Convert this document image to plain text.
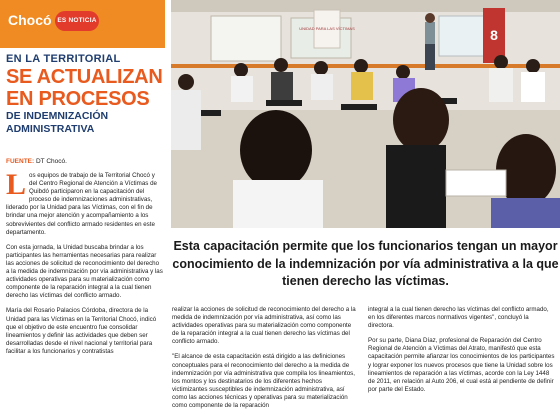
Chocó ES NOTICIA
EN LA TERRITORIAL
SE ACTUALIZAN
EN PROCESOS
DE INDEMNIZACIÓN
ADMINISTRATIVA
FUENTE: DT Chocó.
UNIDAD PARA LAS VÍCTIMAS	8

Los equipos de trabajo de la Territorial Chocó y del Centro Regional de Atención a Víctimas de Quibdó participaron en la capacitación del proceso de indemnizaciones administrativas, liderado por la Unidad para las Víctimas, con el fin de brindar una mejor atención y acompañamiento a los sobrevivientes del conflicto armado residentes en este departamento.

Con esta jornada, la Unidad buscaba brindar a los participantes las herramientas necesarias para realizar las acciones de solicitud de reconocimiento del derecho a la medida de indemnización por vía administrativa y las actividades operativas para su materialización como componente de la reparación integral a la cual tienen derecho las víctimas del conflicto armado.

María del Rosario Palacios Córdoba, directora de la Unidad para las Víctimas en la Territorial Chocó, indicó que el objetivo de este encuentro fue consolidar lineamientos y definir las actividades que deben ser desarrolladas desde el nivel nacional y territorial para facilitar a los funcionarios y contratistas

Esta capacitación permite que los funcionarios tengan un mayor conocimiento de la indemnización por vía administrativa a la que tienen derecho las víctimas.

realizar la acciones de solicitud de reconocimiento del derecho a la medida de indemnización por vía administrativa, así como las actividades operativas para su materialización como componente de la reparación integral a la cual tienen derecho las víctimas del conflicto armado.

"El alcance de esta capacitación está dirigido a las definiciones conceptuales para el reconocimiento del derecho a la medida de indemnización por vía administrativa que compila los lineamientos, los montos y los destinatarios de los diferentes hechos victimizantes susceptibles de indemnización administrativa, así como las acciones técnicas y operativas para su materialización como componente de la reparación

integral a la cual tienen derecho las víctimas del conflicto armado, en los diferentes marcos normativos vigentes", concluyó la directora.

Por su parte, Diana Díaz, profesional de Reparación del Centro Regional de Atención a Víctimas del Atrato, manifestó que esta capacitación permite afianzar los conocimientos de los participantes y lograr exponer los nuevos procesos que tiene la Unidad sobre los lineamientos de reparación a las víctimas, acorde con la Ley 1448 de 2011, en relación al Auto 206, el cual está al pendiente de definir por parte del Estado.
